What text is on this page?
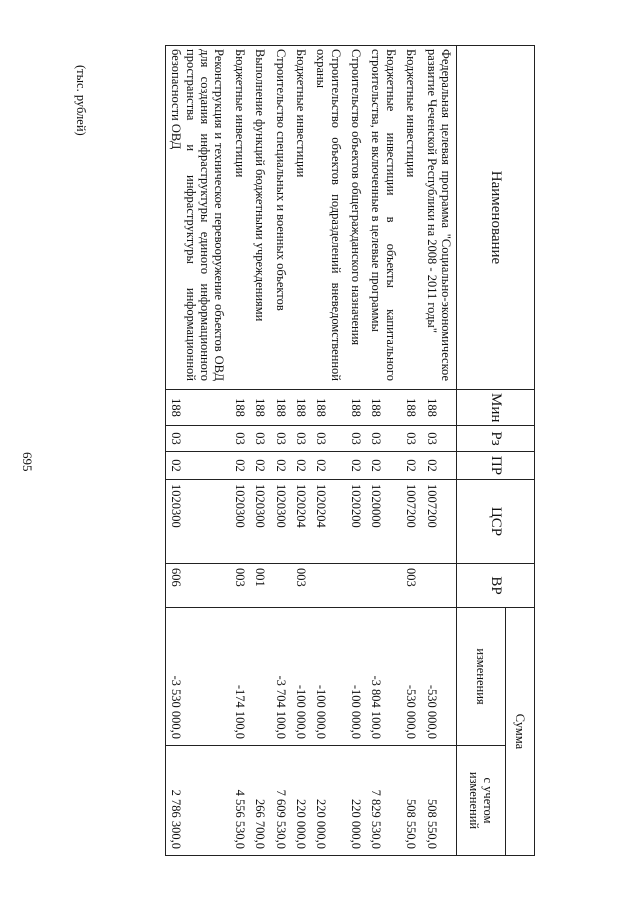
695
(тыс. рублей)
Наименование	Мин	Рз	ПР	ЦСР	ВР	Сумма	
						изменения	с учетом изменений
Федеральная целевая программа "Социально-экономическое развитие Чеченской Республики на 2008 - 2011 годы"	188	03	02	1007200		-530 000,0	508 550,0
Бюджетные инвестиции	188	03	02	1007200	003	-530 000,0	508 550,0
Бюджетные инвестиции в объекты капитального строительства, не включенные в целевые программы	188	03	02	1020000		-3 804 100,0	7 829 530,0
Строительство объектов общегражданского назначения	188	03	02	1020200		-100 000,0	220 000,0
Строительство объектов подразделений вневедомственной охраны	188	03	02	1020204		-100 000,0	220 000,0
Бюджетные инвестиции	188	03	02	1020204	003	-100 000,0	220 000,0
Строительство специальных и военных объектов	188	03	02	1020300		-3 704 100,0	7 609 530,0
Выполнение функций бюджетными учреждениями	188	03	02	1020300	001		266 700,0
Бюджетные инвестиции	188	03	02	1020300	003	-174 100,0	4 556 530,0
Реконструкция и техническое перевооружение объектов ОВД для создания инфраструктуры единого информационного пространства и инфраструктуры информационной безопасности ОВД	188	03	02	1020300	606	-3 530 000,0	2 786 300,0
